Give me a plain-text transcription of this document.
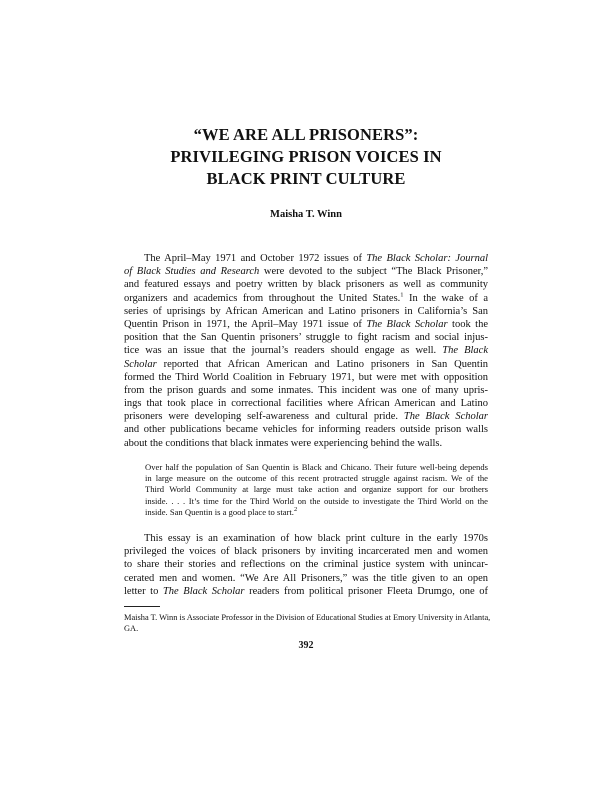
“WE ARE ALL PRISONERS”:
PRIVILEGING PRISON VOICES IN
BLACK PRINT CULTURE
Maisha T. Winn
The April–May 1971 and October 1972 issues of The Black Scholar: Journal
of Black Studies and Research were devoted to the subject “The Black Prisoner,”
and featured essays and poetry written by black prisoners as well as community
organizers and academics from throughout the United States.$^1$ In the wake of a
series of uprisings by African American and Latino prisoners in California’s San
Quentin Prison in 1971, the April–May 1971 issue of The Black Scholar took the
position that the San Quentin prisoners’ struggle to fight racism and social injus-
tice was an issue that the journal’s readers should engage as well. The Black
Scholar reported that African American and Latino prisoners in San Quentin
formed the Third World Coalition in February 1971, but were met with opposition
from the prison guards and some inmates. This incident was one of many upris-
ings that took place in correctional facilities where African American and Latino
prisoners were developing self-awareness and cultural pride. The Black Scholar
and other publications became vehicles for informing readers outside prison walls
about the conditions that black inmates were experiencing behind the walls.
Over half the population of San Quentin is Black and Chicano. Their future well-being depends
in large measure on the outcome of this recent protracted struggle against racism. We of the
Third World Community at large must take action and organize support for our brothers
inside. . . . It’s time for the Third World on the outside to investigate the Third World on the
inside. San Quentin is a good place to start.$^2$
This essay is an examination of how black print culture in the early 1970s
privileged the voices of black prisoners by inviting incarcerated men and women
to share their stories and reflections on the criminal justice system with unincar-
cerated men and women. “We Are All Prisoners,” was the title given to an open
letter to The Black Scholar readers from political prisoner Fleeta Drumgo, one of
Maisha T. Winn is Associate Professor in the Division of Educational Studies at Emory University in Atlanta,
GA.
392
